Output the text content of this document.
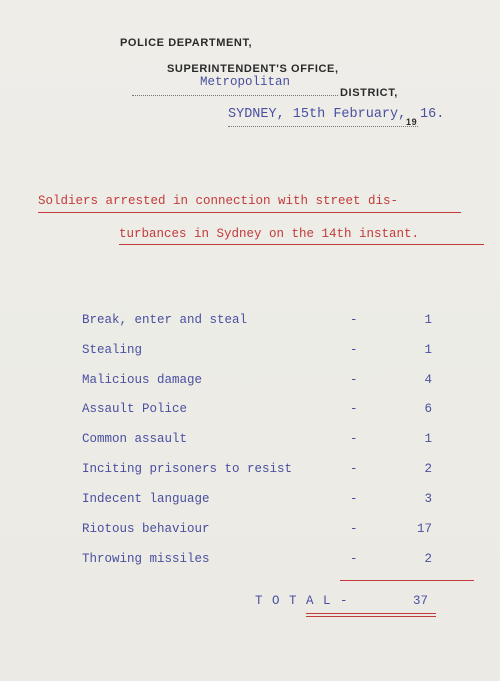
POLICE DEPARTMENT,
SUPERINTENDENT'S OFFICE,
Metropolitan
DISTRICT,
SYDNEY, 15th February, 19 16.
Soldiers arrested in connection with street dis-
turbances in Sydney on the 14th instant.
Break, enter and steal	-	1
Stealing	-	1
Malicious damage	-	4
Assault Police	-	6
Common assault	-	1
Inciting prisoners to resist	-	2
Indecent language	-	3
Riotous behaviour	-	17
Throwing missiles	-	2
T O T A L -	37
